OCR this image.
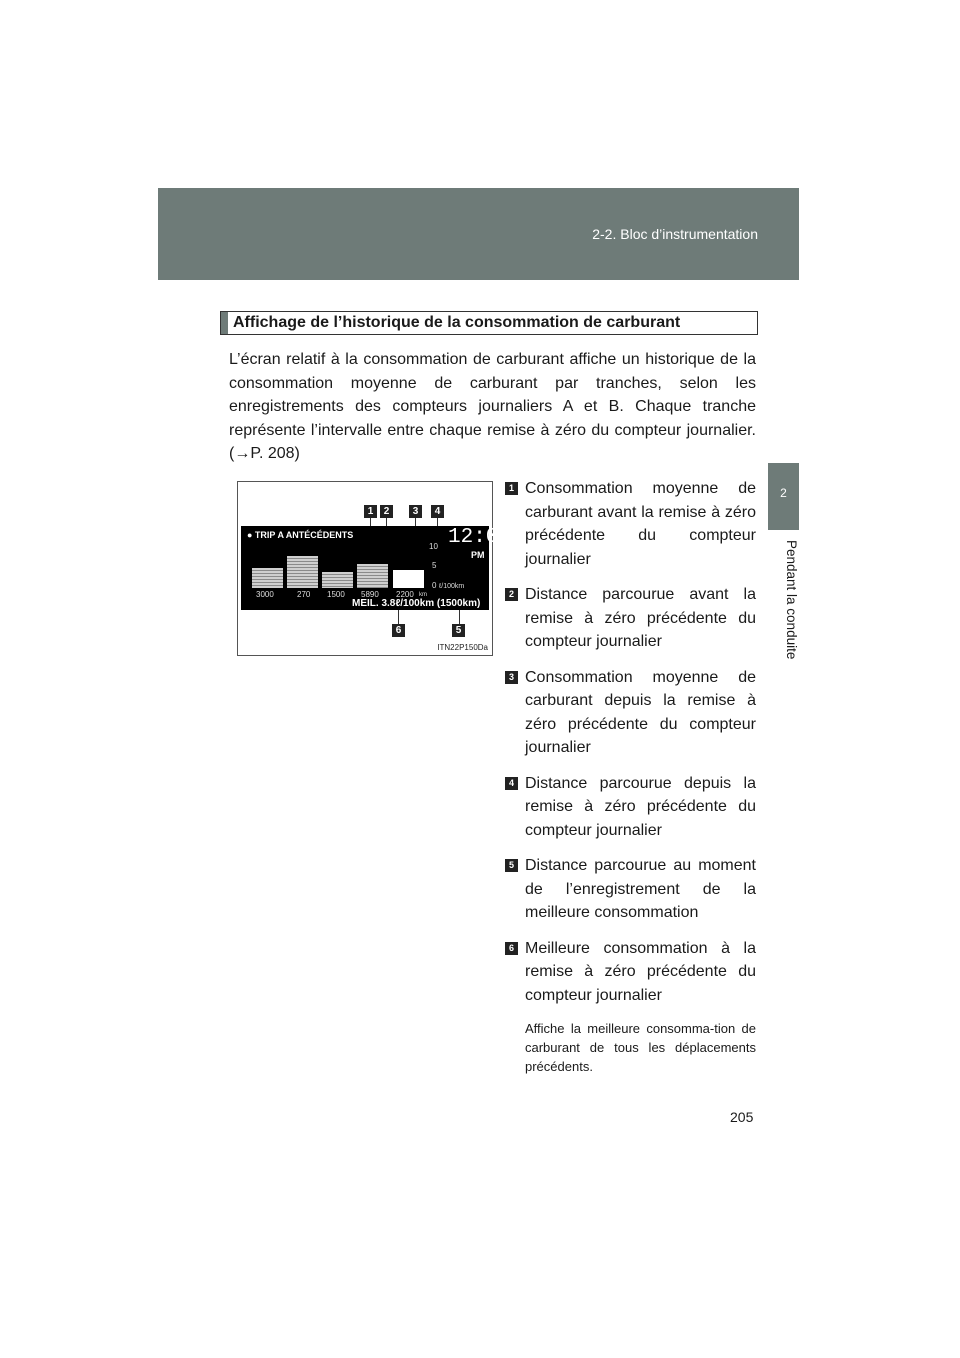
2-2. Bloc d’instrumentation
2
Pendant la conduite
Affichage de l’historique de la consommation de carburant
L’écran relatif à la consommation de carburant affiche un historique de la consommation moyenne de carburant par tranches, selon les enregistrements des compteurs journaliers A et B. Chaque tranche représente l’intervalle entre chaque remise à zéro du compteur journalier. (→P. 208)
1	2	3	4
● TRIP A ANTÉCÉDENTS	12:00
PM
10
5
0 ℓ/100km
3000	270 1500 5890 2200 km
MEIL. 3.8ℓ/100km (1500km)
6	5
ITN22P150Da
1 Consommation moyenne de carburant avant la remise à zéro précédente du compteur journalier
2 Distance parcourue avant la remise à zéro précédente du compteur journalier
3 Consommation moyenne de carburant depuis la remise à zéro précédente du compteur journalier
4 Distance parcourue depuis la remise à zéro précédente du compteur journalier
5 Distance parcourue au moment de l’enregistrement de la meilleure consommation
6 Meilleure consommation à la remise à zéro précédente du compteur journalier
Affiche la meilleure consomma-tion de carburant de tous les déplacements précédents.
205
